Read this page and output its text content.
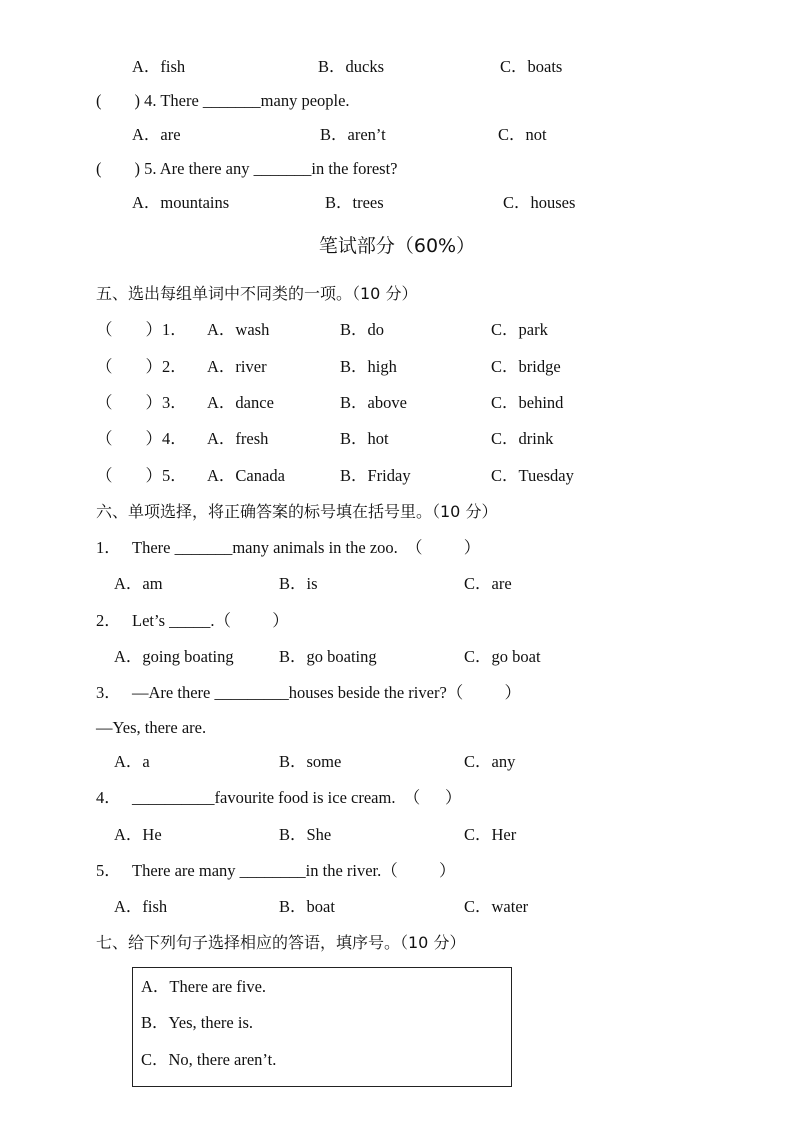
A．fish	B．ducks	C．boats
(        ) 4. There _______many people.
A．are	B．aren’t	C．not
(        ) 5. Are there any _______in the forest?
A．mountains	B．trees	C．houses
笔试部分（60%）
五、选出每组单词中不同类的一项。（10 分）
（        ）1． A．wash	B．do	C．park
（        ）2． A．river	B．high	C．bridge
（        ）3． A．dance	B．above	C．behind
（        ）4． A．fresh	B．hot	C．drink
（        ）5． A．Canada	B．Friday	C．Tuesday
六、单项选择，将正确答案的标号填在括号里。（10 分）
1． There _______many animals in the zoo.  （          ）
A．am	B．is	C．are
2． Let’s _____.（          ）
A．going boating	B．go boating	C．go boat
3． —Are there _________houses beside the river?（          ）
—Yes, there are.
A．a	B．some	C．any
4． __________favourite food is ice cream.  （      ）
A．He	B．She	C．Her
5． There are many ________in the river.（          ）
A．fish	B．boat	C．water
七、给下列句子选择相应的答语，填序号。（10 分）
A．There are five.
B．Yes, there is.
C．No, there aren’t.
